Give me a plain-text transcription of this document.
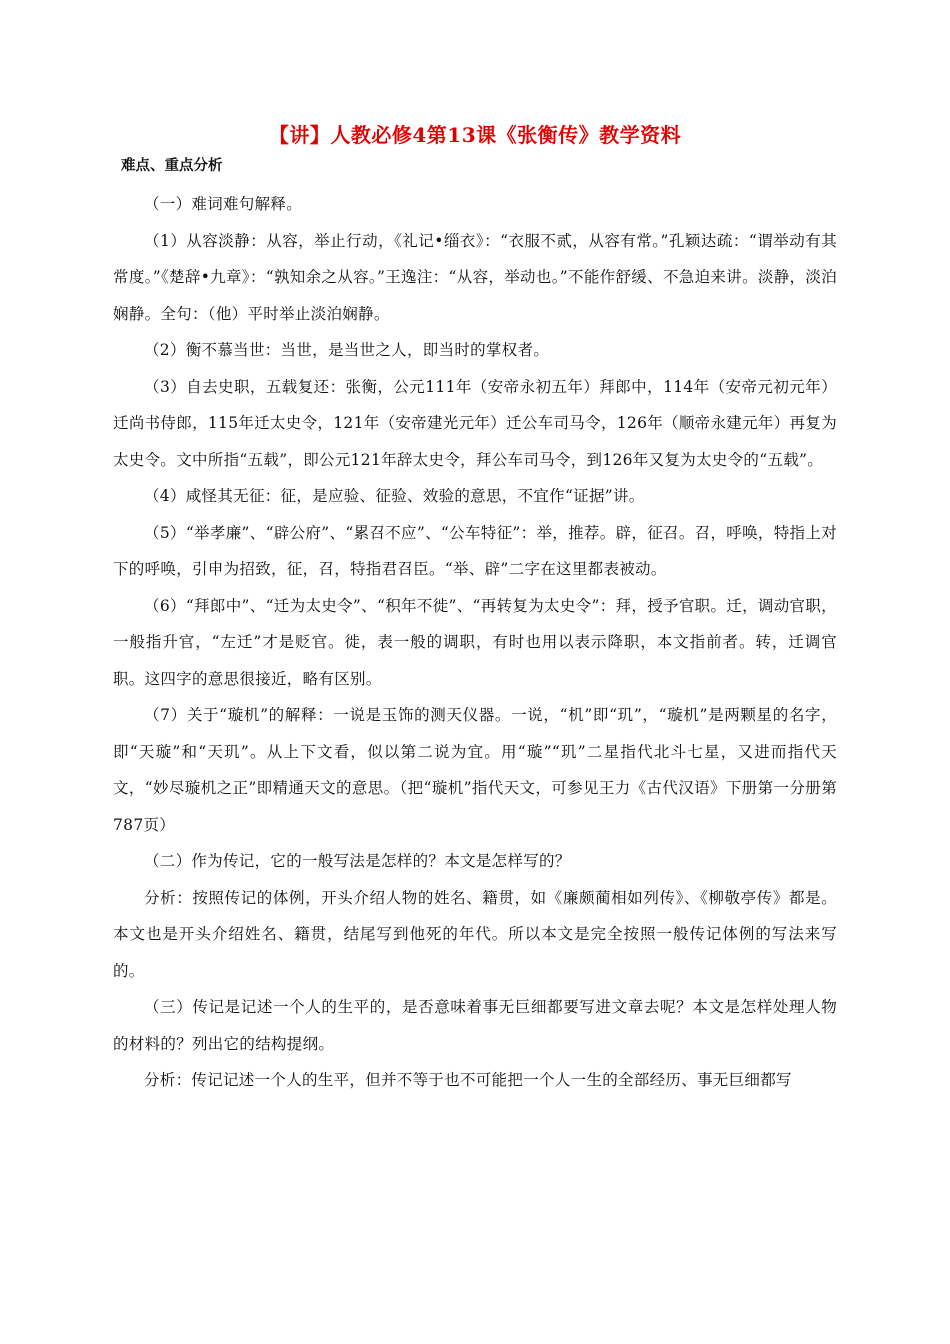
【讲】人教必修4第13课《张衡传》教学资料
难点、重点分析

（一）难词难句解释。

（1）从容淡静：从容，举止行动，《礼记•缁衣》：“衣服不贰，从容有常。”孔颖达疏：“谓举动有其常度。”《楚辞•九章》：“孰知余之从容。”王逸注：“从容，举动也。”不能作舒缓、不急迫来讲。淡静，淡泊娴静。全句：（他）平时举止淡泊娴静。

（2）衡不慕当世：当世，是当世之人，即当时的掌权者。

（3）自去史职，五载复还：张衡，公元111年（安帝永初五年）拜郎中，114年（安帝元初元年）迁尚书侍郎，115年迁太史令，121年（安帝建光元年）迁公车司马令，126年（顺帝永建元年）再复为太史令。文中所指“五载”，即公元121年辞太史令，拜公车司马令，到126年又复为太史令的“五载”。

（4）咸怪其无征：征，是应验、征验、效验的意思，不宜作“证据”讲。

（5）“举孝廉”、“辟公府”、“累召不应”、“公车特征”：举，推荐。辟，征召。召，呼唤，特指上对下的呼唤，引申为招致，征，召，特指君召臣。“举、辟”二字在这里都表被动。

（6）“拜郎中”、“迁为太史令”、“积年不徙”、“再转复为太史令”：拜，授予官职。迁，调动官职，一般指升官，“左迁”才是贬官。徙，表一般的调职，有时也用以表示降职，本文指前者。转，迁调官职。这四字的意思很接近，略有区别。

（7）关于“璇机”的解释：一说是玉饰的测天仪器。一说，“机”即“玑”，“璇机”是两颗星的名字，即“天璇”和“天玑”。从上下文看，似以第二说为宜。用“璇”“玑”二星指代北斗七星，又进而指代天文，“妙尽璇机之正”即精通天文的意思。（把“璇机”指代天文，可参见王力《古代汉语》下册第一分册第787页）

（二）作为传记，它的一般写法是怎样的？本文是怎样写的？

分析：按照传记的体例，开头介绍人物的姓名、籍贯，如《廉颇蔺相如列传》、《柳敬亭传》都是。本文也是开头介绍姓名、籍贯，结尾写到他死的年代。所以本文是完全按照一般传记体例的写法来写的。

（三）传记是记述一个人的生平的，是否意味着事无巨细都要写进文章去呢？本文是怎样处理人物的材料的？列出它的结构提纲。

分析：传记记述一个人的生平，但并不等于也不可能把一个人一生的全部经历、事无巨细都写
